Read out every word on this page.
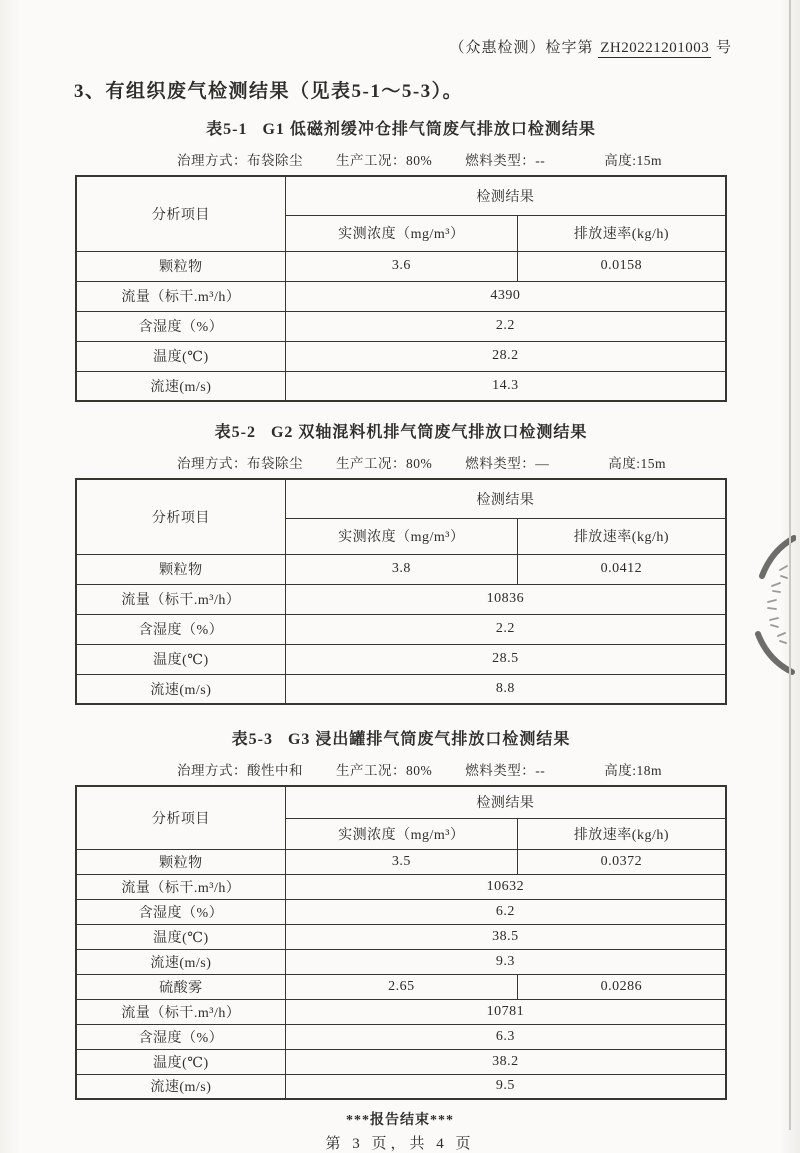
（众惠检测）检字第 ZH20221201003 号
3、有组织废气检测结果（见表5-1～5-3）。
表5-1   G1 低磁剂缓冲仓排气筒废气排放口检测结果
治理方式：布袋除尘 生产工况：80% 燃料类型：--	高度:15m
分析项目	检测结果	
	实测浓度（mg/m³）	排放速率(kg/h)
颗粒物	3.6	0.0158
流量（标干.m³/h）	4390	
含湿度（%）	2.2	
温度(℃)	28.2	
流速(m/s)	14.3	
表5-2   G2 双轴混料机排气筒废气排放口检测结果
治理方式：布袋除尘 生产工况：80% 燃料类型：—	高度:15m
分析项目	检测结果	
	实测浓度（mg/m³）	排放速率(kg/h)
颗粒物	3.8	0.0412
流量（标干.m³/h）	10836	
含湿度（%）	2.2	
温度(℃)	28.5	
流速(m/s)	8.8	
表5-3   G3 浸出罐排气筒废气排放口检测结果
治理方式：酸性中和 生产工况：80% 燃料类型：--	高度:18m
分析项目	检测结果	
	实测浓度（mg/m³）	排放速率(kg/h)
颗粒物	3.5	0.0372
流量（标干.m³/h）	10632	
含湿度（%）	6.2	
温度(℃)	38.5	
流速(m/s)	9.3	
硫酸雾	2.65	0.0286
流量（标干.m³/h）	10781	
含湿度（%）	6.3	
温度(℃)	38.2	
流速(m/s)	9.5	
***报告结束***
第 3 页，共 4 页
